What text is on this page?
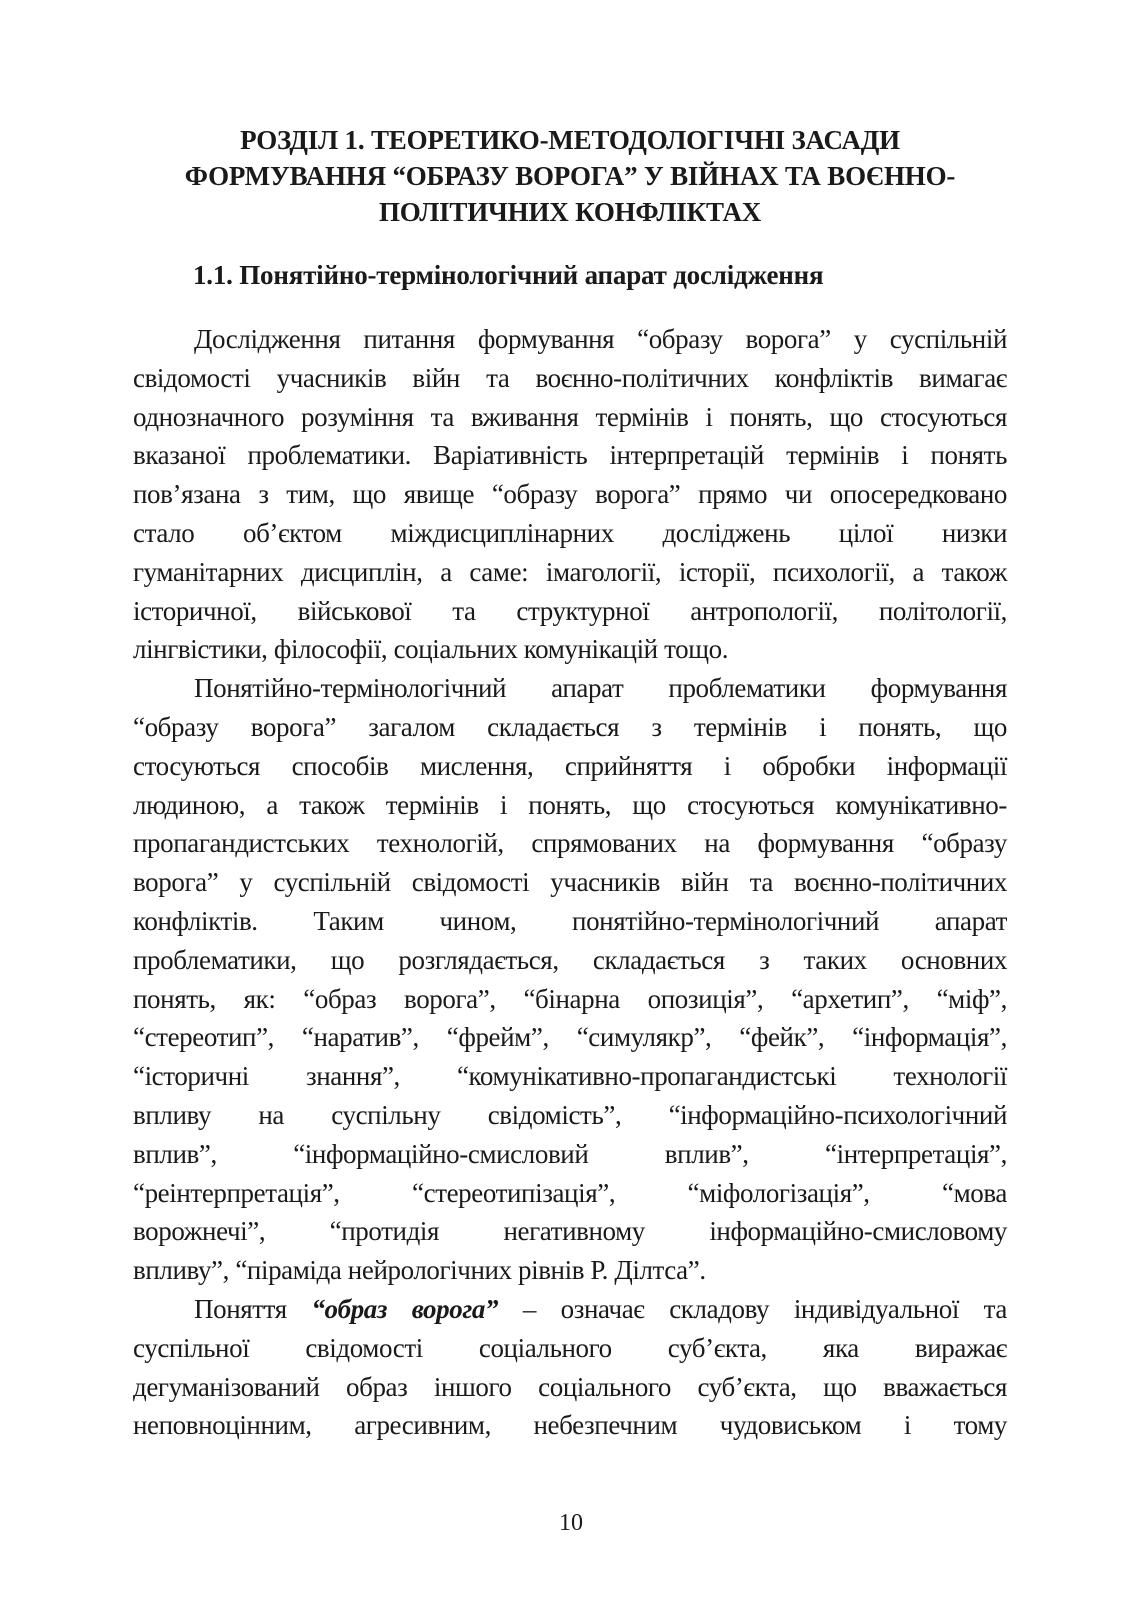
РОЗДІЛ 1. ТЕОРЕТИКО-МЕТОДОЛОГІЧНІ ЗАСАДИ
ФОРМУВАННЯ “ОБРАЗУ ВОРОГА” У ВІЙНАХ ТА ВОЄННО-
ПОЛІТИЧНИХ КОНФЛІКТАХ
1.1. Понятійно-термінологічний апарат дослідження
Дослідження питання формування “образу ворога” у суспільній
свідомості учасників війн та воєнно-політичних конфліктів вимагає
однозначного розуміння та вживання термінів і понять, що стосуються
вказаної проблематики. Варіативність інтерпретацій термінів і понять
пов’язана з тим, що явище “образу ворога” прямо чи опосередковано
стало об’єктом міждисциплінарних досліджень цілої низки
гуманітарних дисциплін, а саме: імагології, історії, психології, а також
історичної, військової та структурної антропології, політології,
лінгвістики, філософії, соціальних комунікацій тощо.
Понятійно-термінологічний апарат проблематики формування
“образу ворога” загалом складається з термінів і понять, що
стосуються способів мислення, сприйняття і обробки інформації
людиною, а також термінів і понять, що стосуються комунікативно-
пропагандистських технологій, спрямованих на формування “образу
ворога” у суспільній свідомості учасників війн та воєнно-політичних
конфліктів. Таким чином, понятійно-термінологічний апарат
проблематики, що розглядається, складається з таких основних
понять, як: “образ ворога”, “бінарна опозиція”, “архетип”, “міф”,
“стереотип”, “наратив”, “фрейм”, “симулякр”, “фейк”, “інформація”,
“історичні знання”, “комунікативно-пропагандистські технології
впливу на суспільну свідомість”, “інформаційно-психологічний
вплив”, “інформаційно-смисловий вплив”, “інтерпретація”,
“реінтерпретація”, “стереотипізація”, “міфологізація”, “мова
ворожнечі”, “протидія негативному інформаційно-смисловому
впливу”, “піраміда нейрологічних рівнів Р. Ділтса”.
Поняття “образ ворога” – означає складову індивідуальної та
суспільної свідомості соціального суб’єкта, яка виражає
дегуманізований образ іншого соціального суб’єкта, що вважається
неповноцінним, агресивним, небезпечним чудовиськом і тому
10
